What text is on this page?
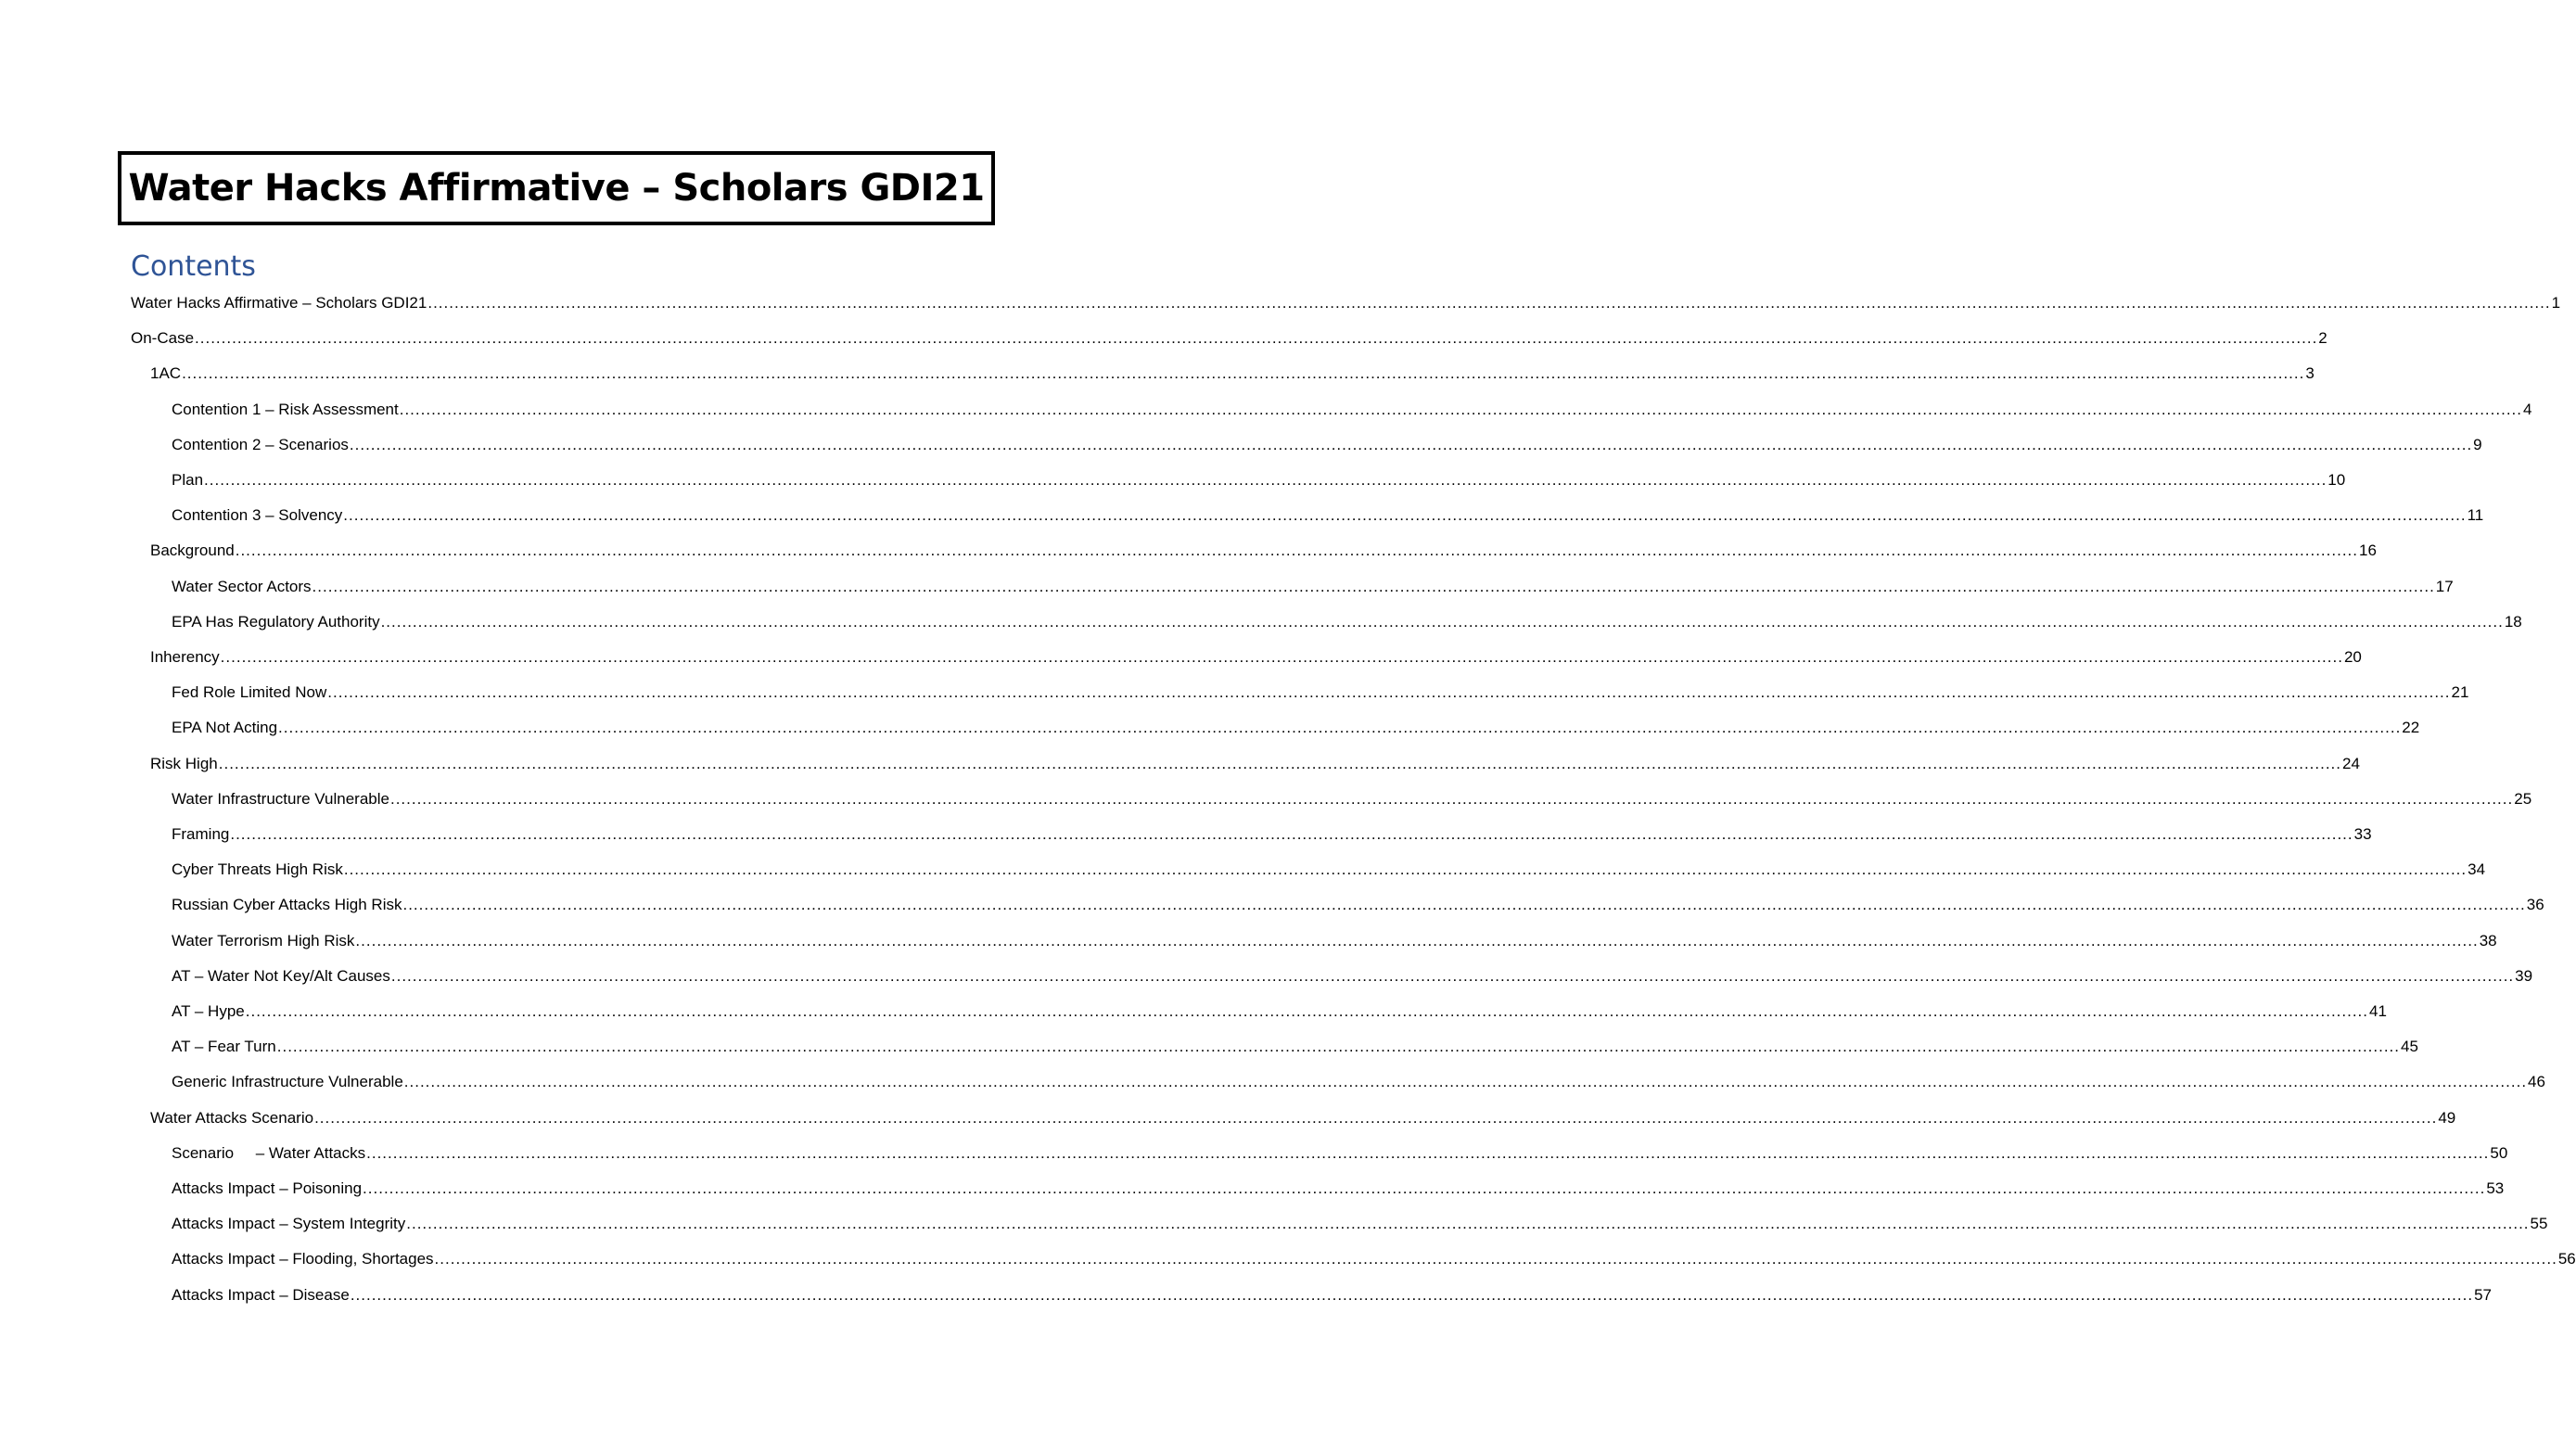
Water Hacks Affirmative – Scholars GDI21
Contents
Water Hacks Affirmative – Scholars GDI21 ................................................................................................................................................................................................................................................................................................................................................................................................................ 1
On-Case ................................................................................................................................................................................................................................................................................................................................................................................................................ 2
1AC ................................................................................................................................................................................................................................................................................................................................................................................................................ 3
Contention 1 – Risk Assessment ................................................................................................................................................................................................................................................................................................................................................................................................................ 4
Contention 2 – Scenarios ................................................................................................................................................................................................................................................................................................................................................................................................................ 9
Plan ................................................................................................................................................................................................................................................................................................................................................................................................................ 10
Contention 3 – Solvency ................................................................................................................................................................................................................................................................................................................................................................................................................ 11
Background ................................................................................................................................................................................................................................................................................................................................................................................................................ 16
Water Sector Actors ................................................................................................................................................................................................................................................................................................................................................................................................................ 17
EPA Has Regulatory Authority ................................................................................................................................................................................................................................................................................................................................................................................................................ 18
Inherency ................................................................................................................................................................................................................................................................................................................................................................................................................ 20
Fed Role Limited Now ................................................................................................................................................................................................................................................................................................................................................................................................................ 21
EPA Not Acting ................................................................................................................................................................................................................................................................................................................................................................................................................ 22
Risk High ................................................................................................................................................................................................................................................................................................................................................................................................................ 24
Water Infrastructure Vulnerable ................................................................................................................................................................................................................................................................................................................................................................................................................ 25
Framing ................................................................................................................................................................................................................................................................................................................................................................................................................ 33
Cyber Threats High Risk ................................................................................................................................................................................................................................................................................................................................................................................................................ 34
Russian Cyber Attacks High Risk ................................................................................................................................................................................................................................................................................................................................................................................................................ 36
Water Terrorism High Risk ................................................................................................................................................................................................................................................................................................................................................................................................................ 38
AT – Water Not Key/Alt Causes ................................................................................................................................................................................................................................................................................................................................................................................................................ 39
AT – Hype ................................................................................................................................................................................................................................................................................................................................................................................................................ 41
AT – Fear Turn ................................................................................................................................................................................................................................................................................................................................................................................................................ 45
Generic Infrastructure Vulnerable ................................................................................................................................................................................................................................................................................................................................................................................................................ 46
Water Attacks Scenario ................................................................................................................................................................................................................................................................................................................................................................................................................ 49
Scenario     – Water Attacks ................................................................................................................................................................................................................................................................................................................................................................................................................ 50
Attacks Impact – Poisoning ................................................................................................................................................................................................................................................................................................................................................................................................................ 53
Attacks Impact – System Integrity ................................................................................................................................................................................................................................................................................................................................................................................................................ 55
Attacks Impact – Flooding, Shortages ................................................................................................................................................................................................................................................................................................................................................................................................................ 56
Attacks Impact – Disease ................................................................................................................................................................................................................................................................................................................................................................................................................ 57
